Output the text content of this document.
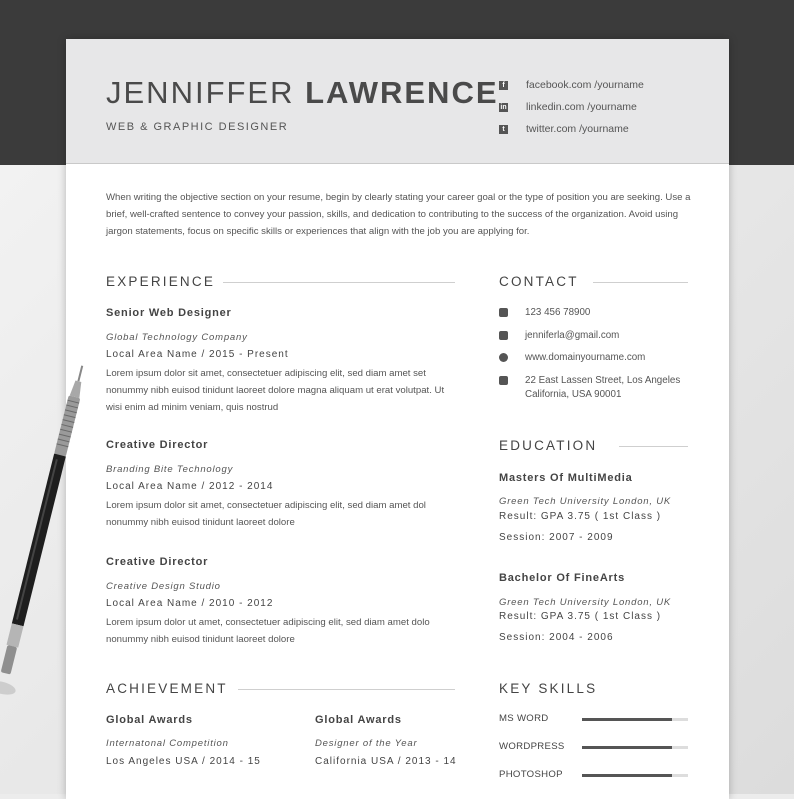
JENNIFFER LAWRENCE
WEB & GRAPHIC DESIGNER
f	facebook.com /yourname
in linkedin.com /yourname
t	twitter.com /yourname
When writing the objective section on your resume, begin by clearly stating your career goal or the type of position you are seeking. Use a brief, well-crafted sentence to convey your passion, skills, and dedication to contributing to the success of the organization. Avoid using jargon statements, focus on specific skills or experiences that align with the job you are applying for.
EXPERIENCE
Senior Web Designer
Global Technology Company
Local Area Name / 2015 - Present
Lorem ipsum dolor sit amet, consectetuer adipiscing elit, sed diam amet set nonummy nibh euisod tinidunt laoreet dolore magna aliquam ut erat volutpat. Ut wisi enim ad minim veniam, quis nostrud
Creative Director
Branding Bite Technology
Local Area Name / 2012 - 2014
Lorem ipsum dolor sit amet, consectetuer adipiscing elit, sed diam amet dol nonummy nibh euisod tinidunt laoreet dolore
Creative Director
Creative Design Studio
Local Area Name / 2010 - 2012
Lorem ipsum dolor ut amet, consectetuer adipiscing elit, sed diam amet dolo nonummy nibh euisod tinidunt laoreet dolore
CONTACT
123 456 78900
jenniferla@gmail.com
www.domainyourname.com
22 East Lassen Street, Los Angeles
California, USA 90001
EDUCATION
Masters Of MultiMedia
Green Tech University London, UK
Result: GPA 3.75 ( 1st Class )
Session: 2007 - 2009
Bachelor Of FineArts
Green Tech University London, UK
Result: GPA 3.75 ( 1st Class )
Session: 2004 - 2006
ACHIEVEMENT
Global Awards
Internatonal Competition
Los Angeles USA / 2014 - 15
Global Awards
Designer of the Year
California USA / 2013 - 14
KEY SKILLS
MS WORD
WORDPRESS
PHOTOSHOP
